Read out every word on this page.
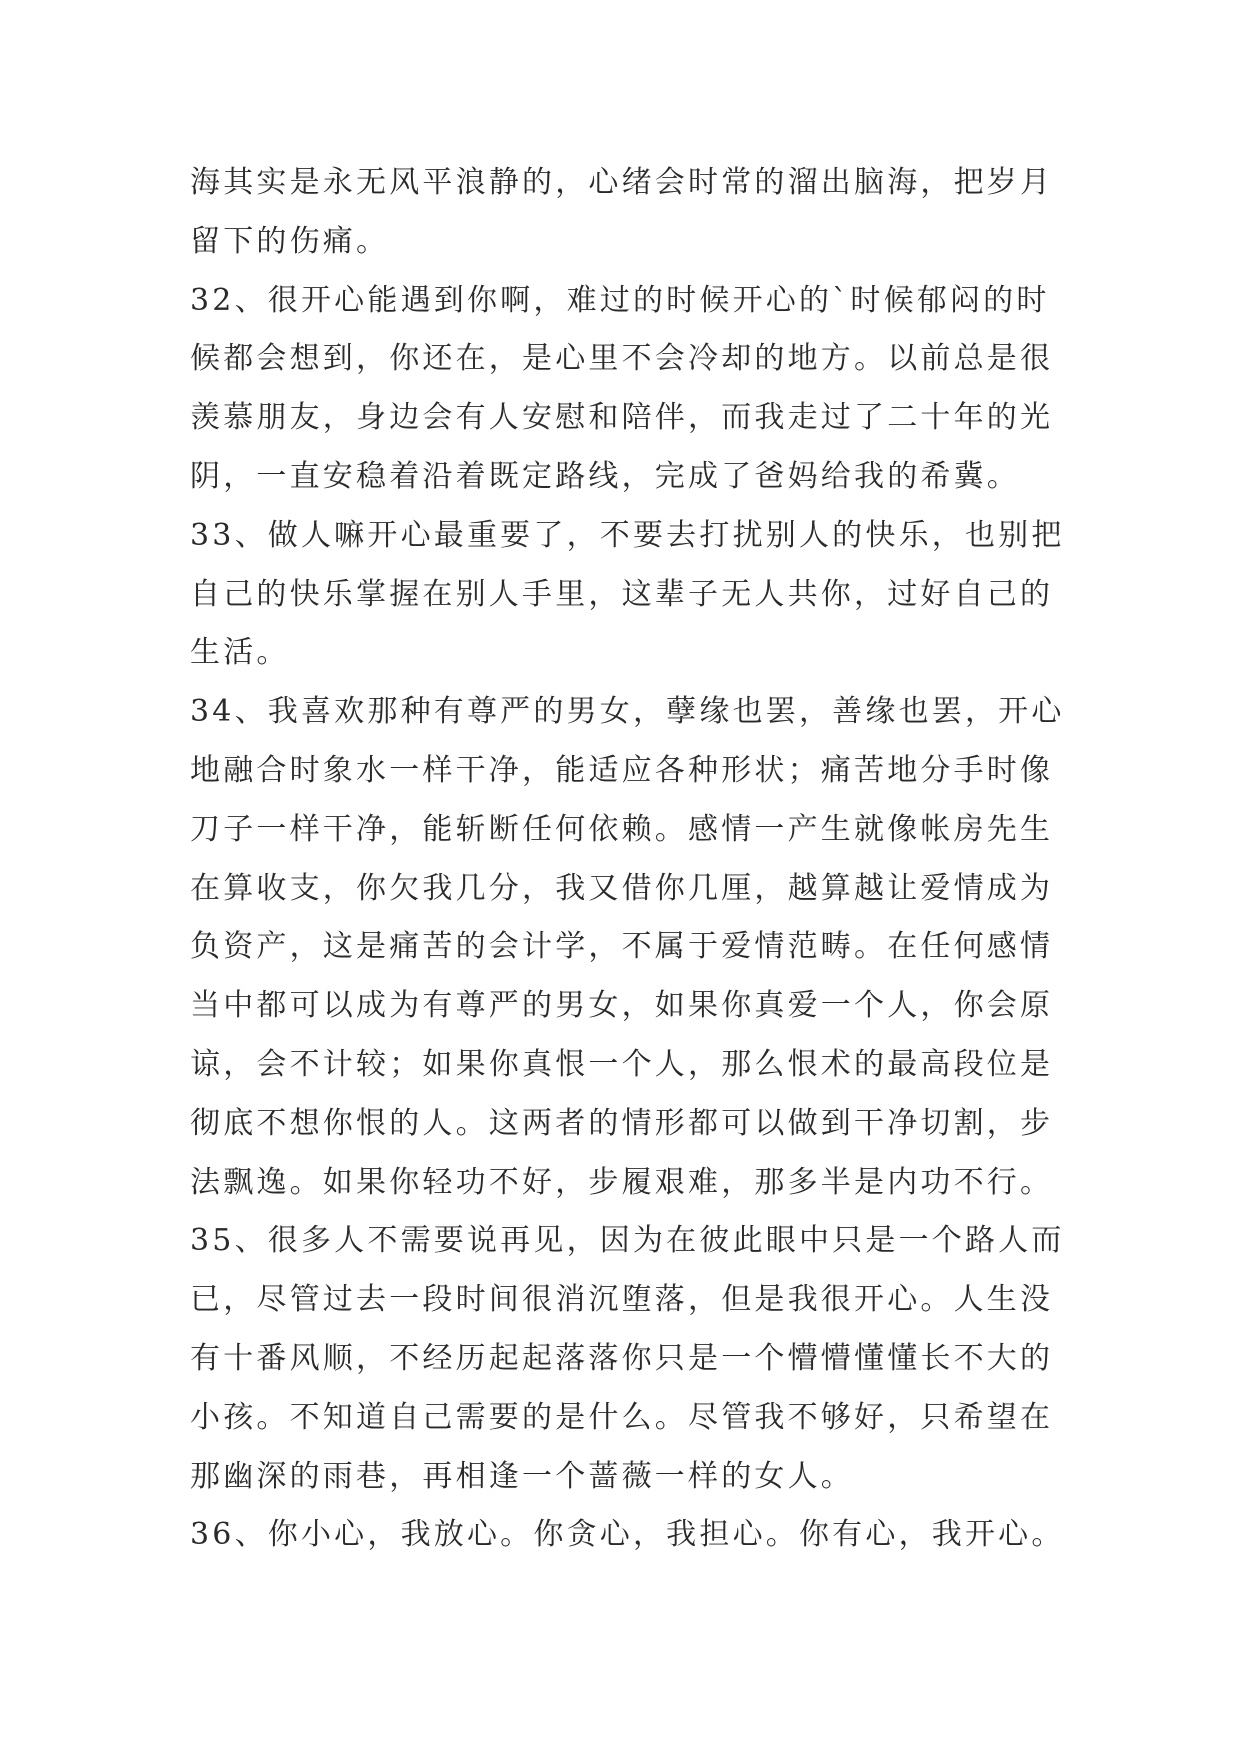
海其实是永无风平浪静的，心绪会时常的溜出脑海，把岁月
留下的伤痛。
32、很开心能遇到你啊，难过的时候开心的`时候郁闷的时
候都会想到，你还在，是心里不会冷却的地方。以前总是很
羡慕朋友，身边会有人安慰和陪伴，而我走过了二十年的光
阴，一直安稳着沿着既定路线，完成了爸妈给我的希冀。
33、做人嘛开心最重要了，不要去打扰别人的快乐，也别把
自己的快乐掌握在别人手里，这辈子无人共你，过好自己的
生活。
34、我喜欢那种有尊严的男女，孽缘也罢，善缘也罢，开心
地融合时象水一样干净，能适应各种形状；痛苦地分手时像
刀子一样干净，能斩断任何依赖。感情一产生就像帐房先生
在算收支，你欠我几分，我又借你几厘，越算越让爱情成为
负资产，这是痛苦的会计学，不属于爱情范畴。在任何感情
当中都可以成为有尊严的男女，如果你真爱一个人，你会原
谅，会不计较；如果你真恨一个人，那么恨术的最高段位是
彻底不想你恨的人。这两者的情形都可以做到干净切割，步
法飘逸。如果你轻功不好，步履艰难，那多半是内功不行。
35、很多人不需要说再见，因为在彼此眼中只是一个路人而
已，尽管过去一段时间很消沉堕落，但是我很开心。人生没
有十番风顺，不经历起起落落你只是一个懵懵懂懂长不大的
小孩。不知道自己需要的是什么。尽管我不够好，只希望在
那幽深的雨巷，再相逢一个蔷薇一样的女人。
36、你小心，我放心。你贪心，我担心。你有心，我开心。
